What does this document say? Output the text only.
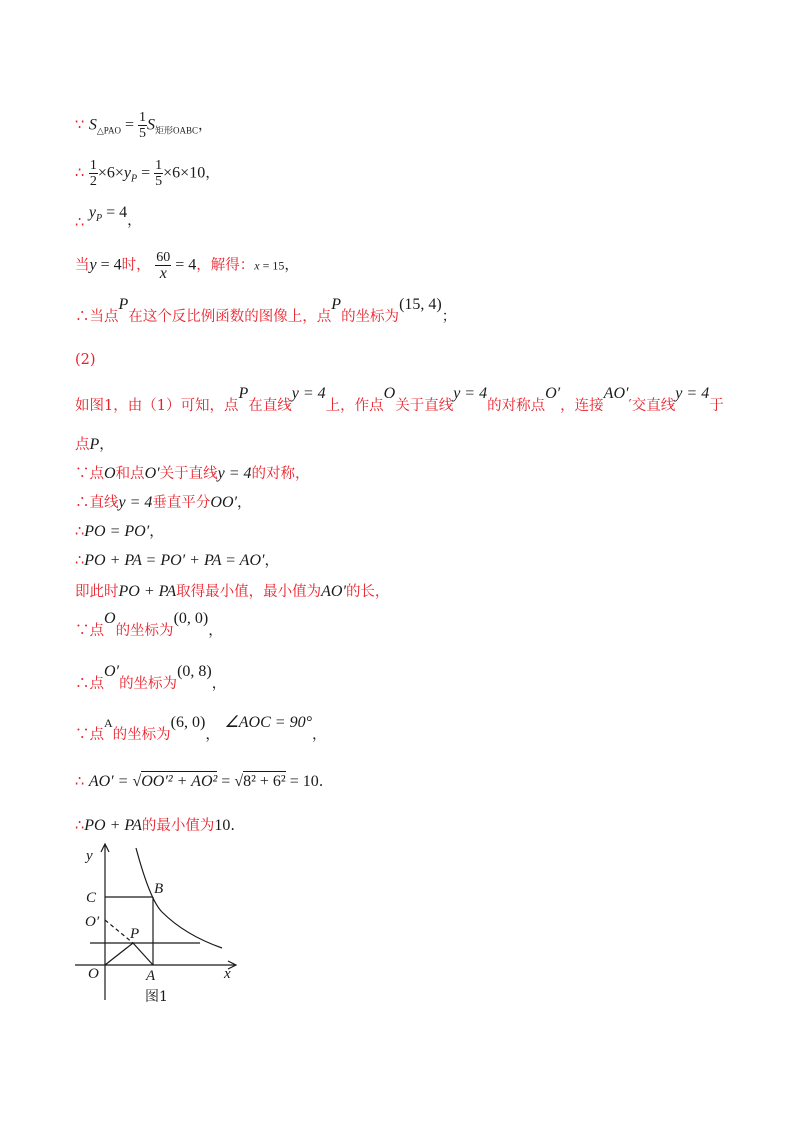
∵ $S_{\triangle PAO} = \frac{1}{5} S_{矩形OABC}$，
∴ $\frac{1}{2} \times 6\times y_P = \frac{1}{5} \times 6\times 10$，
∴ $y_P = 4$，
当y = 4时， $\frac{60}{x} = 4$，解得：x = 15，
∴当点P在这个反比例函数的图像上，点P的坐标为(15, 4)；
(2)
如图1，由（1）可知，点P在直线y = 4上，作点O关于直线y = 4的对称点O′，连接AO′′交直线y = 4于
点P，
∵点O和点O′关于直线y = 4的对称，
∴直线y = 4垂直平分OO′，
∴PO = PO′，
∴PO + PA = PO′ + PA = AO′，
即此时PO + PA取得最小值，最小值为AO′的长，
∵点O的坐标为(0, 0)，
∴点O′的坐标为(0, 8)，
∵点$^A$的坐标为(6, 0)， ∠AOC = 90°，
∴ AO′ = √OO′² + AO² = √8² + 6² = 10.
∴PO + PA的最小值为10.
y
x
C
B
O′
P
O	A
图1
